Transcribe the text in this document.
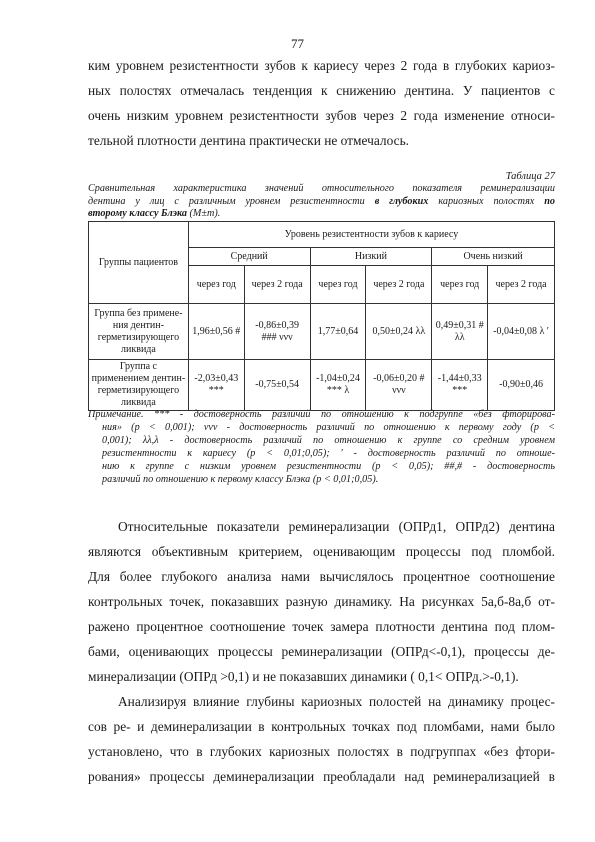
77
ким уровнем резистентности зубов к кариесу через 2 года в глубоких кариоз-
ных полостях отмечалась тенденция к снижению дентина. У пациентов с
очень низким уровнем резистентности зубов через 2 года изменение относи-
тельной плотности дентина практически не отмечалось.
Таблица 27
Сравнительная характеристика значений относительного показателя реминерализации
дентина у лиц с различным уровнем резистентности в глубоких кариозных полостях по
второму классу Блэка (M±m).
Группы пациентов	Уровень резистентности зубов к кариесу					
	Средний		Низкий		Очень низкий	
	через год	через 2 года	через год	через 2 года	через год	через 2 года
Группа без примене-ния дентин-герметизирующего ликвида	1,96±0,56 #	-0,86±0,39 ### ννν	1,77±0,64	0,50±0,24 λλ	0,49±0,31 # λλ	-0,04±0,08 λ ′
Группа с применением дентин-герметизирующего ликвида	-2,03±0,43 ***	-0,75±0,54	-1,04±0,24 *** λ	-0,06±0,20 # ννν	-1,44±0,33 ***	-0,90±0,46
Примечание. *** - достоверность различий по отношению к подгруппе «без фторирова-
ния» (р < 0,001); ννν - достоверность различий по отношению к первому году (р <
0,001); λλ,λ - достоверность различий по отношению к группе со средним уровнем
резистентности к кариесу (р < 0,01;0,05); ′ - достоверность различий по отноше-
нию к группе с низким уровнем резистентности (р < 0,05); ##,# - достоверность
различий по отношению к первому классу Блэка (р < 0,01;0,05).
Относительные показатели реминерализации (ОПРд1, ОПРд2) дентина
являются объективным критерием, оценивающим процессы под пломбой.
Для более глубокого анализа нами вычислялось процентное соотношение
контрольных точек, показавших разную динамику. На рисунках 5а,б-8а,б от-
ражено процентное соотношение точек замера плотности дентина под плом-
бами, оценивающих процессы реминерализации (ОПРд<-0,1), процессы де-
минерализации (ОПРд >0,1) и не показавших динамики ( 0,1< ОПРд.>-0,1).
Анализируя влияние глубины кариозных полостей на динамику процес-
сов ре- и деминерализации в контрольных точках под пломбами, нами было
установлено, что в глубоких кариозных полостях в подгруппах «без фтори-
рования» процессы деминерализации преобладали над реминерализацией в
